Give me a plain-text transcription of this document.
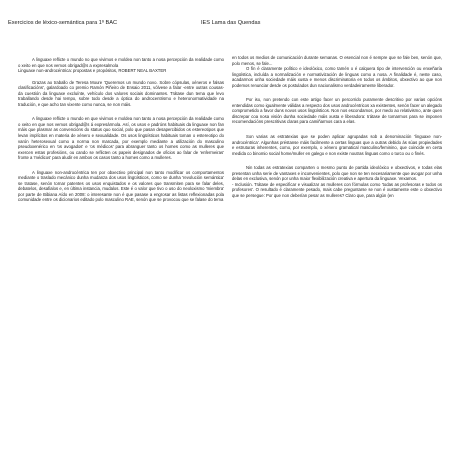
Exercicios de léxico-semántica para 1º BAC	IES Lama das Quendas

A linguaxe reflicte o mundo no que vivimos e moldea non tanto a nosa percepción da realidade como o xeito en que nos vemos obrigad@s a expresalmola

Linguaxe non-androcéntrica: propostas e propósitos, ROBERT NEAL BAXTER

Grazas ao traballo de Teresa Moure 'Queremos un mundo novo. Sobre cópsulas, xéneros e falsas clasificacións', galardoado co premio Ramón Piñeiro de Ensaio 2011, vólvese a falar -entre outras cousas- da cuestión da linguaxe excluínte, vehículo dos valores sociais dominantes. Trátase dun tema que levo traballando desde hai tempo, sobre todo desde a óptica do androcentrismo e heteronormatividade na tradución, e que acho tan vixente como nunca, se non máis.

A linguaxe reflicte o mundo en que vivimos e moldea non tanto a nosa percepción da realidade como o xeito en que nos vemos obrigad@s á expresármola. Así, os usos e padróns habituais da linguaxe non fan máis que plasmar as convencións do status quo social, polo que pasan desapercibidos os estereotipos que levan implícitos en materia de xénero e sexualidade. Os usos lingüísticos habituais toman o estereotipo do varón heterosexual como a norma non marcada, por exemplo mediante a utilización do masculino pseudoxenérico en 'os avogados' e 'os médicos' para abranguer tanto os homes como as mulleres que exercen estas profesións, ou cando se reflicten os papeis designados de oficios ao falar de 'enfermeiras' fronte a 'médicos' para aludir en ambos os casos tanto a homes como a mulleres.

A linguaxe non-androcéntrica ten por obxectivo principal non tanto modificar os comportamentos mediante o traslado mecánico dunha mudanza dos usos lingüísticos, como se dunha 'revolución semántica' se tratase, senón tornar patentes os usos enquistados e os valores que transmiten para se falar deles, debatelos, desafialos e, en última instancia, mudalos. Este é o valor que tivo o uso do neoloxismo 'miembra' por parte de Bibiana Aído en 2008: o interesante non é que pasase a engrosar as listas reflexionadas pola comunidade entre os dicionarios editado polo masculino RAE, senón que se provocou que se falase do tema

en todos os medios de comunicación durante semanas. O esencial non é sempre que se fale ben, senón que, polo menos, se fale...

O fin é claramente político e ideolóxico, como tamén o é calquera tipo de intervención ou enxeñaría lingüística, incluída a normalización e normativización de linguas como a nosa. A finalidade é, neste caso, acadarmos unha sociedade máis xusta e menos discriminatoria en todos os ámbitos, obxectivo ao que non podemos renunciar desde os postulados dun nacionalismo verdadeiramente liberador.

Por iso, non pretendo con este artigo facer un percorrido puramente descritivo por varias opcións entendidas como igualmente válidas a respecto dos usos androcéntricos xa existentes, senón facer un alegado comprometido a favor duns novos usos lingüísticos. Non nos escondamos, por medo ao relativismo, ante quen discrepar coa nosa visión dunha sociedade máis xusta e liberadora: trátase de tomarmos para se imponen recomendacións prescritivas claras para camiñarmos cara a elas.

Son varias as estratexias que se poden aplicar agrupadas sob a denominación 'linguaxe non-androcéntrica'. Algunhas préstanse máis facilmente a certas linguas que a outras debido ás súas propiedades e estruturas inherentes, como, por exemplo, o xénero gramatical masculino/feminino, que coincide en certa medida co binomio social home/muller en galego e non existe noutras linguas como o turco ou o finés.

Nin todas as estratexias comparten o mesmo punto de partida ideolóxico e obxectivos, e todas elas presentan unha serie de vantaxes e inconvenientes, polo que non se ten necesariamente que avogar por unha delas en exclusiva, senón por unha maior flexibilización creativa e apertura da linguaxe. Vexamos.

- Inclusión. Trátase de especificar e visualizar as mulleres con fórmulas como 'todas as profesoras e todos os profesores'. O resultado é claramente pesado, mais cabe preguntarse se non é xustamente este o obxectivo que se persegue: Por que non deberían pesar as mulleres? Claro que, para algún (en
